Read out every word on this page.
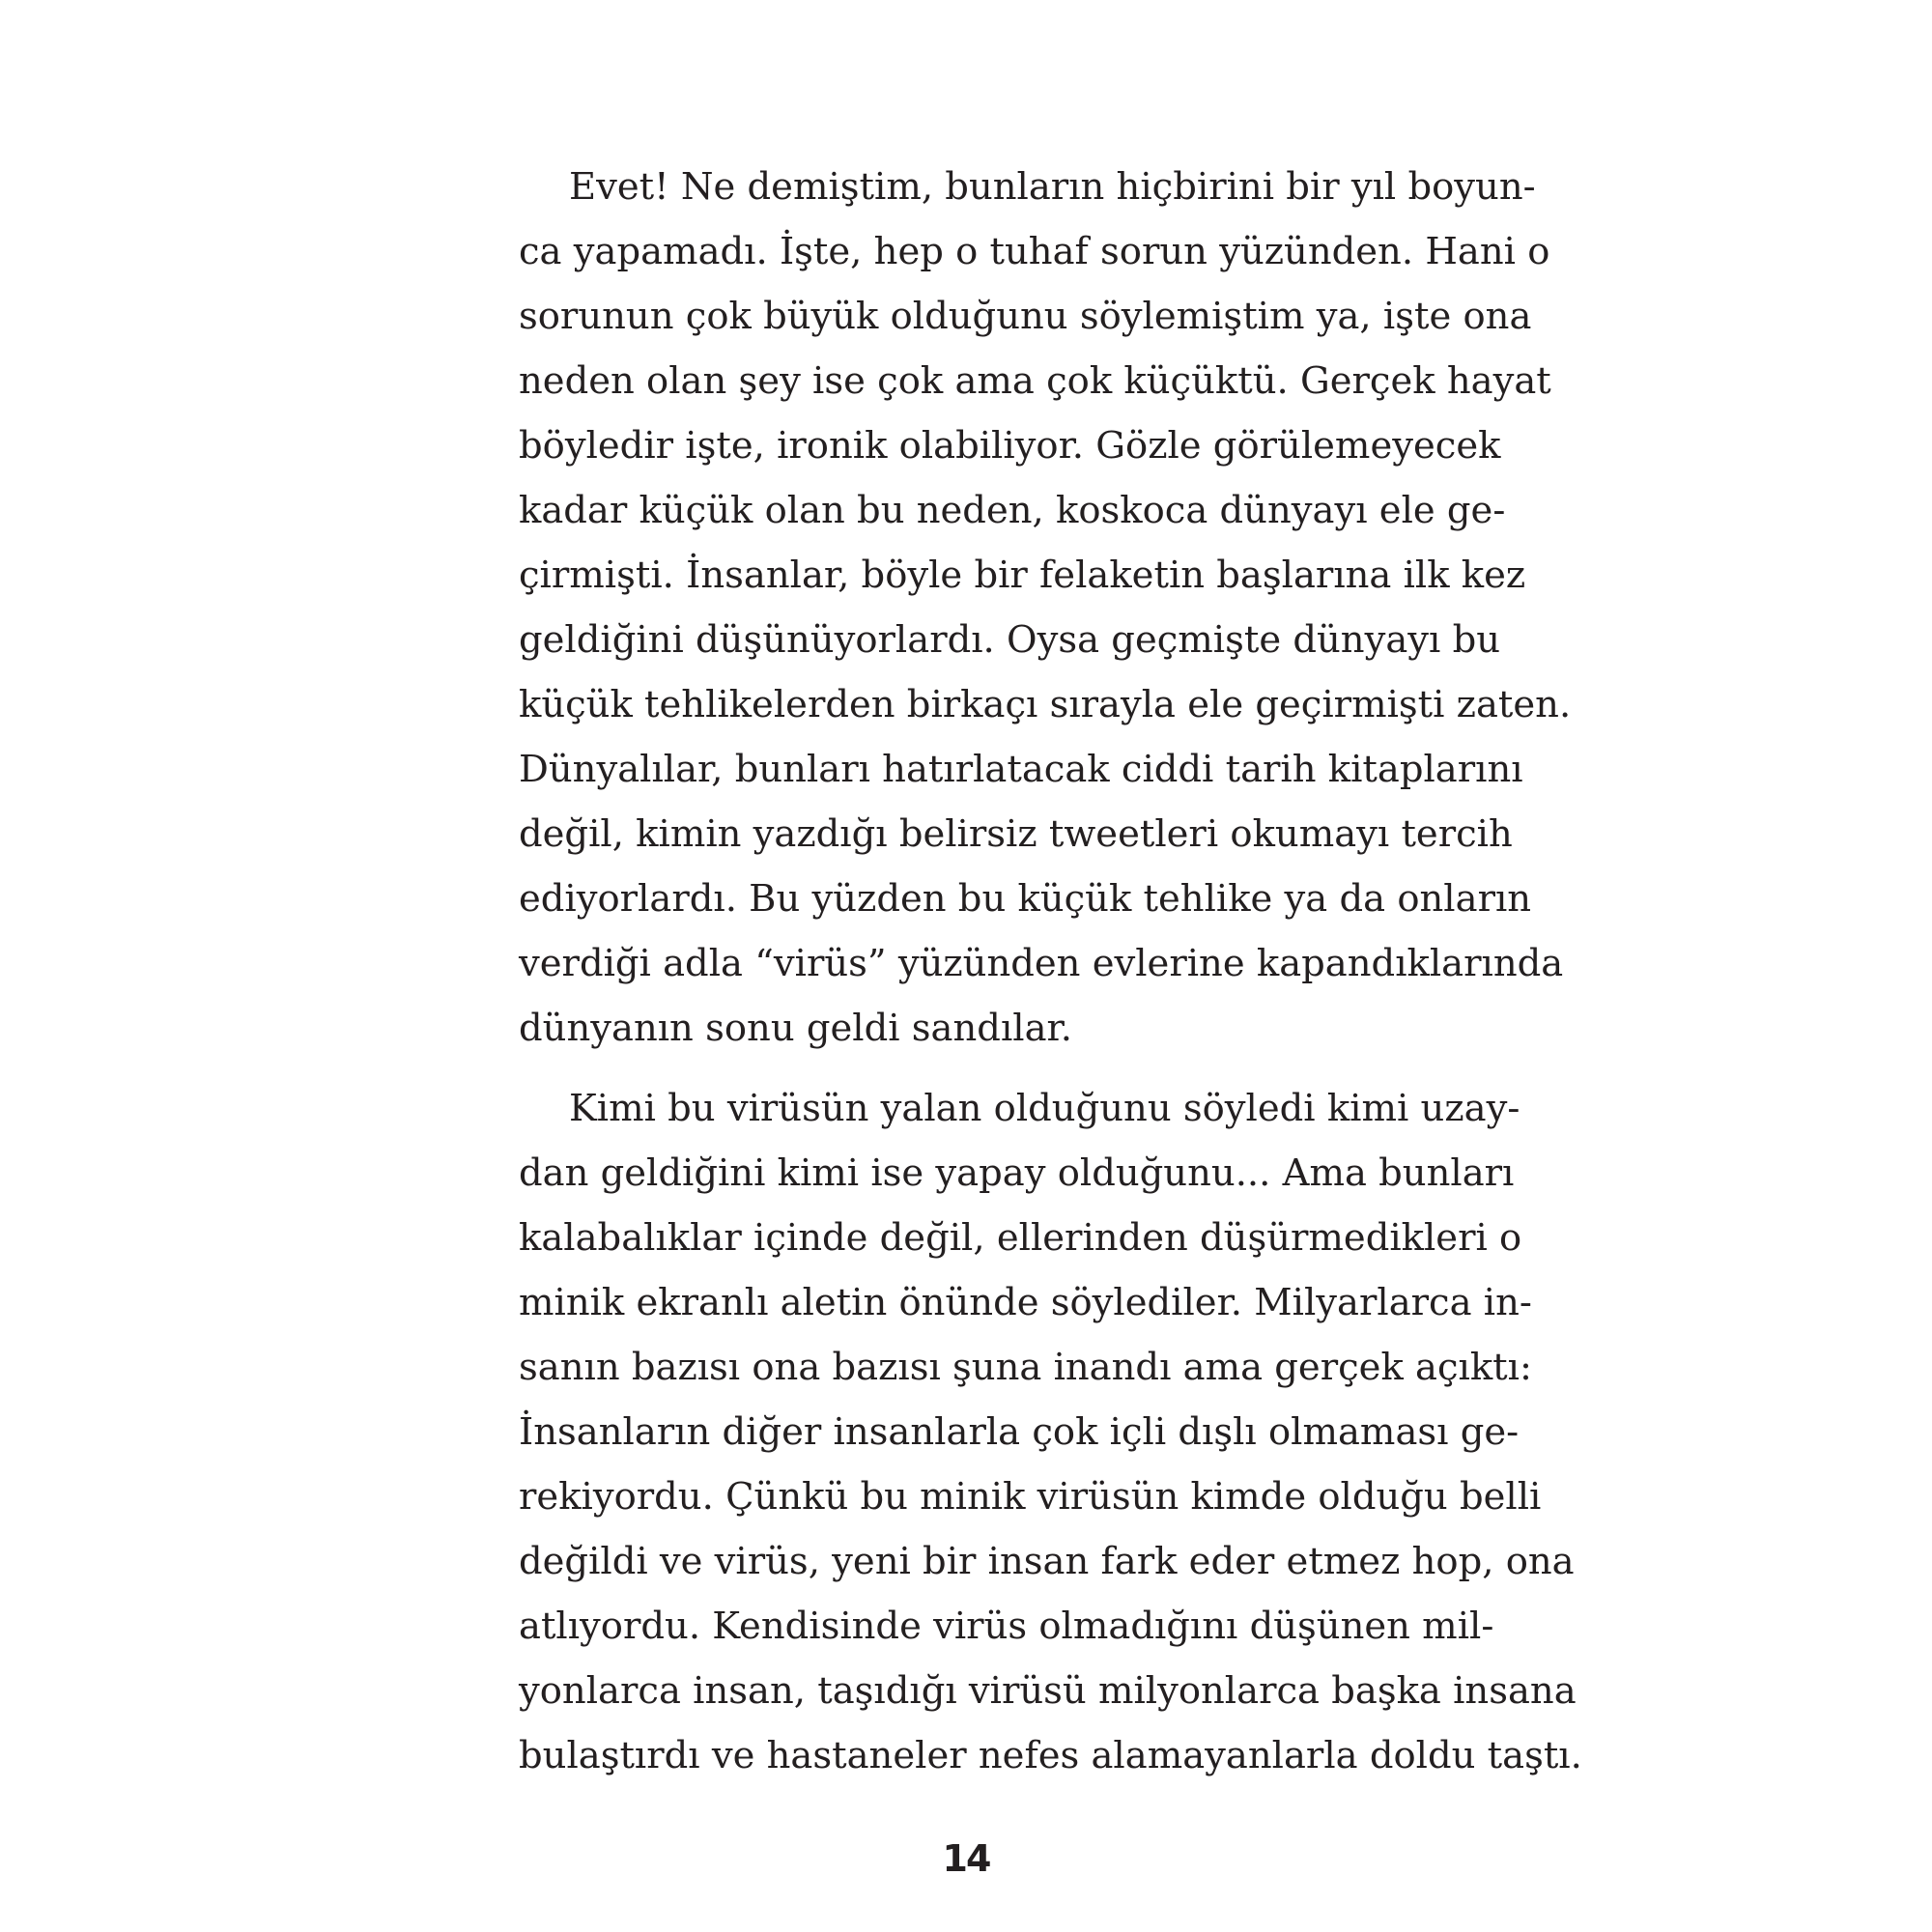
Evet! Ne demiştim, bunların hiçbirini bir yıl boyun-
ca yapamadı. İşte, hep o tuhaf sorun yüzünden. Hani o
sorunun çok büyük olduğunu söylemiştim ya, işte ona
neden olan şey ise çok ama çok küçüktü. Gerçek hayat
böyledir işte, ironik olabiliyor. Gözle görülemeyecek
kadar küçük olan bu neden, koskoca dünyayı ele ge-
çirmişti. İnsanlar, böyle bir felaketin başlarına ilk kez
geldiğini düşünüyorlardı. Oysa geçmişte dünyayı bu
küçük tehlikelerden birkaçı sırayla ele geçirmişti zaten.
Dünyalılar, bunları hatırlatacak ciddi tarih kitaplarını
değil, kimin yazdığı belirsiz tweetleri okumayı tercih
ediyorlardı. Bu yüzden bu küçük tehlike ya da onların
verdiği adla “virüs” yüzünden evlerine kapandıklarında
dünyanın sonu geldi sandılar.
Kimi bu virüsün yalan olduğunu söyledi kimi uzay-
dan geldiğini kimi ise yapay olduğunu... Ama bunları
kalabalıklar içinde değil, ellerinden düşürmedikleri o
minik ekranlı aletin önünde söylediler. Milyarlarca in-
sanın bazısı ona bazısı şuna inandı ama gerçek açıktı:
İnsanların diğer insanlarla çok içli dışlı olmaması ge-
rekiyordu. Çünkü bu minik virüsün kimde olduğu belli
değildi ve virüs, yeni bir insan fark eder etmez hop, ona
atlıyordu. Kendisinde virüs olmadığını düşünen mil-
yonlarca insan, taşıdığı virüsü milyonlarca başka insana
bulaştırdı ve hastaneler nefes alamayanlarla doldu taştı.
14
